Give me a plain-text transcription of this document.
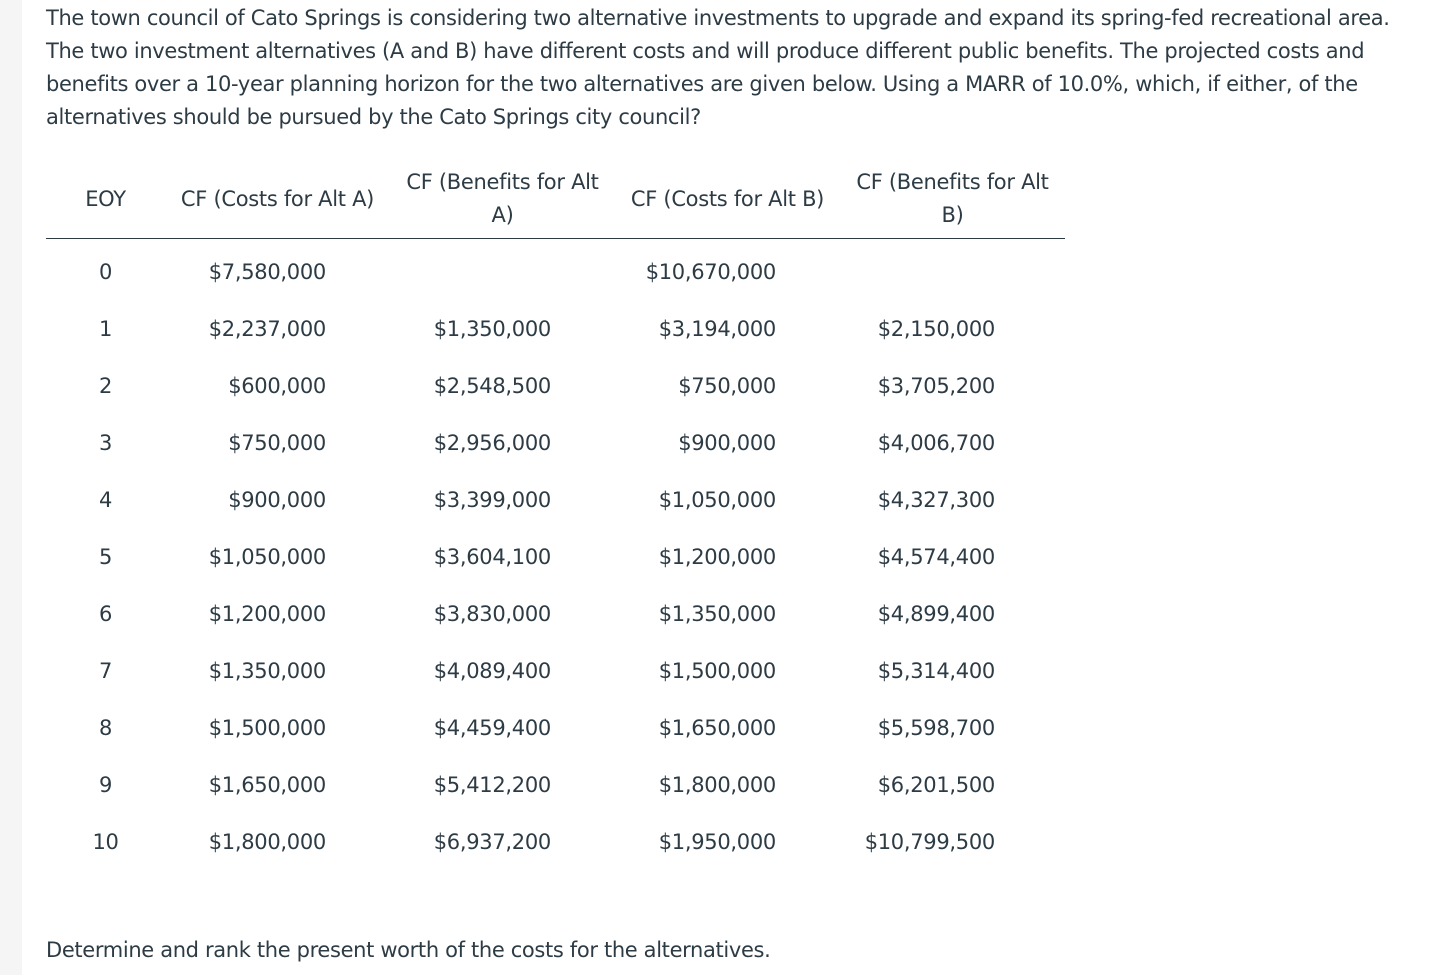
The town council of Cato Springs is considering two alternative investments to upgrade and expand its spring-fed recreational area. The two investment alternatives (A and B) have different costs and will produce different public benefits. The projected costs and benefits over a 10-year planning horizon for the two alternatives are given below. Using a MARR of 10.0%, which, if either, of the alternatives should be pursued by the Cato Springs city council?

EOY	CF (Costs for Alt A)	CF (Benefits for Alt A)	CF (Costs for Alt B)	CF (Benefits for Alt B)
0	$7,580,000		$10,670,000	
1	$2,237,000	$1,350,000	$3,194,000	$2,150,000
2	$600,000	$2,548,500	$750,000	$3,705,200
3	$750,000	$2,956,000	$900,000	$4,006,700
4	$900,000	$3,399,000	$1,050,000	$4,327,300
5	$1,050,000	$3,604,100	$1,200,000	$4,574,400
6	$1,200,000	$3,830,000	$1,350,000	$4,899,400
7	$1,350,000	$4,089,400	$1,500,000	$5,314,400
8	$1,500,000	$4,459,400	$1,650,000	$5,598,700
9	$1,650,000	$5,412,200	$1,800,000	$6,201,500
10	$1,800,000	$6,937,200	$1,950,000	$10,799,500

Determine and rank the present worth of the costs for the alternatives.
